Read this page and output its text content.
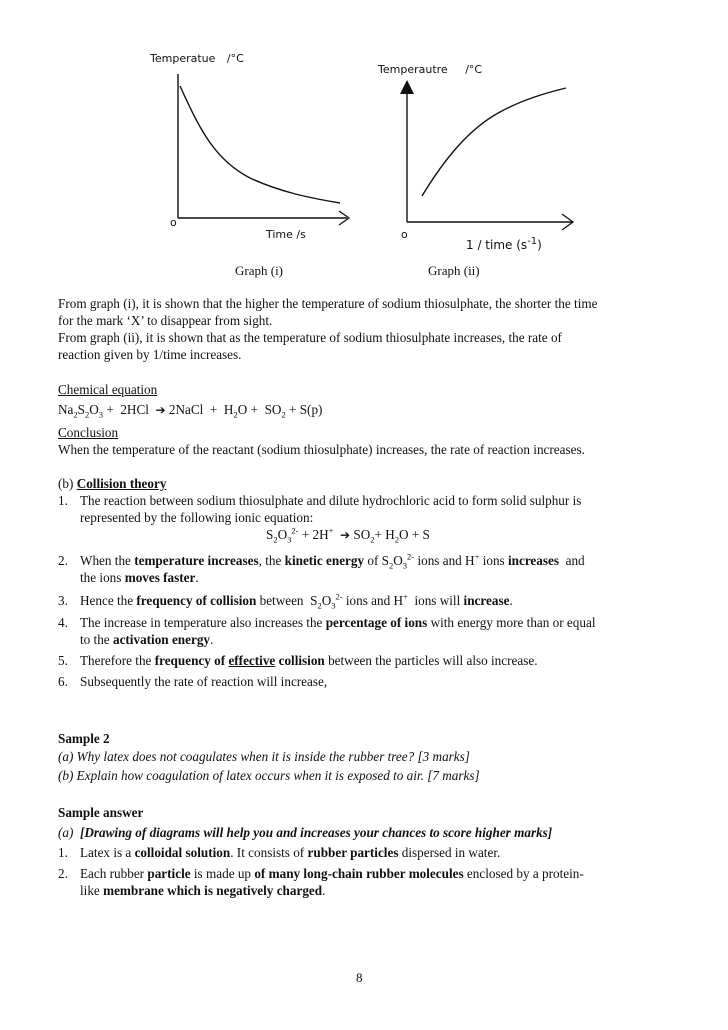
Temperatue /°C
o
Time /s
Temperautre /°C
o
1 / time $(s^{-1})$
Graph (i)	Graph (ii)
From graph (i), it is shown that the higher the temperature of sodium thiosulphate, the shorter the time
for the mark ‘X’ to disappear from sight.
From graph (ii), it is shown that as the temperature of sodium thiosulphate increases, the rate of
reaction given by 1/time increases.
Chemical equation
$Na_2S_2O_3 + 2HCl$  ➔ 2NaCl  +  $H_2O + SO_2 + S(p)$
Conclusion
When the temperature of the reactant (sodium thiosulphate) increases, the rate of reaction increases.
(b) Collision theory
1. The reaction between sodium thiosulphate and dilute hydrochloric acid to form solid sulphur is
represented by the following ionic equation:
$S_2O_3^{2-} + 2H^+$ ➔ $SO_2+ H_2O + S$
2. When the temperature increases, the kinetic energy of $S_2O_3^{2-}$ ions and H+ ions increases  and
the ions moves faster.
3. Hence the frequency of collision between  $S_2O_3^{2-}$ ions and H+  ions will increase.
4. The increase in temperature also increases the percentage of ions with energy more than or equal
to the activation energy.
5. Therefore the frequency of effective collision between the particles will also increase.
6. Subsequently the rate of reaction will increase,
Sample 2
(a) Why latex does not coagulates when it is inside the rubber tree? [3 marks]
(b) Explain how coagulation of latex occurs when it is exposed to air. [7 marks]
Sample answer
(a) [Drawing of diagrams will help you and increases your chances to score higher marks]
1. Latex is a colloidal solution. It consists of rubber particles dispersed in water.
2. Each rubber particle is made up of many long-chain rubber molecules enclosed by a protein-
like membrane which is negatively charged.
8
